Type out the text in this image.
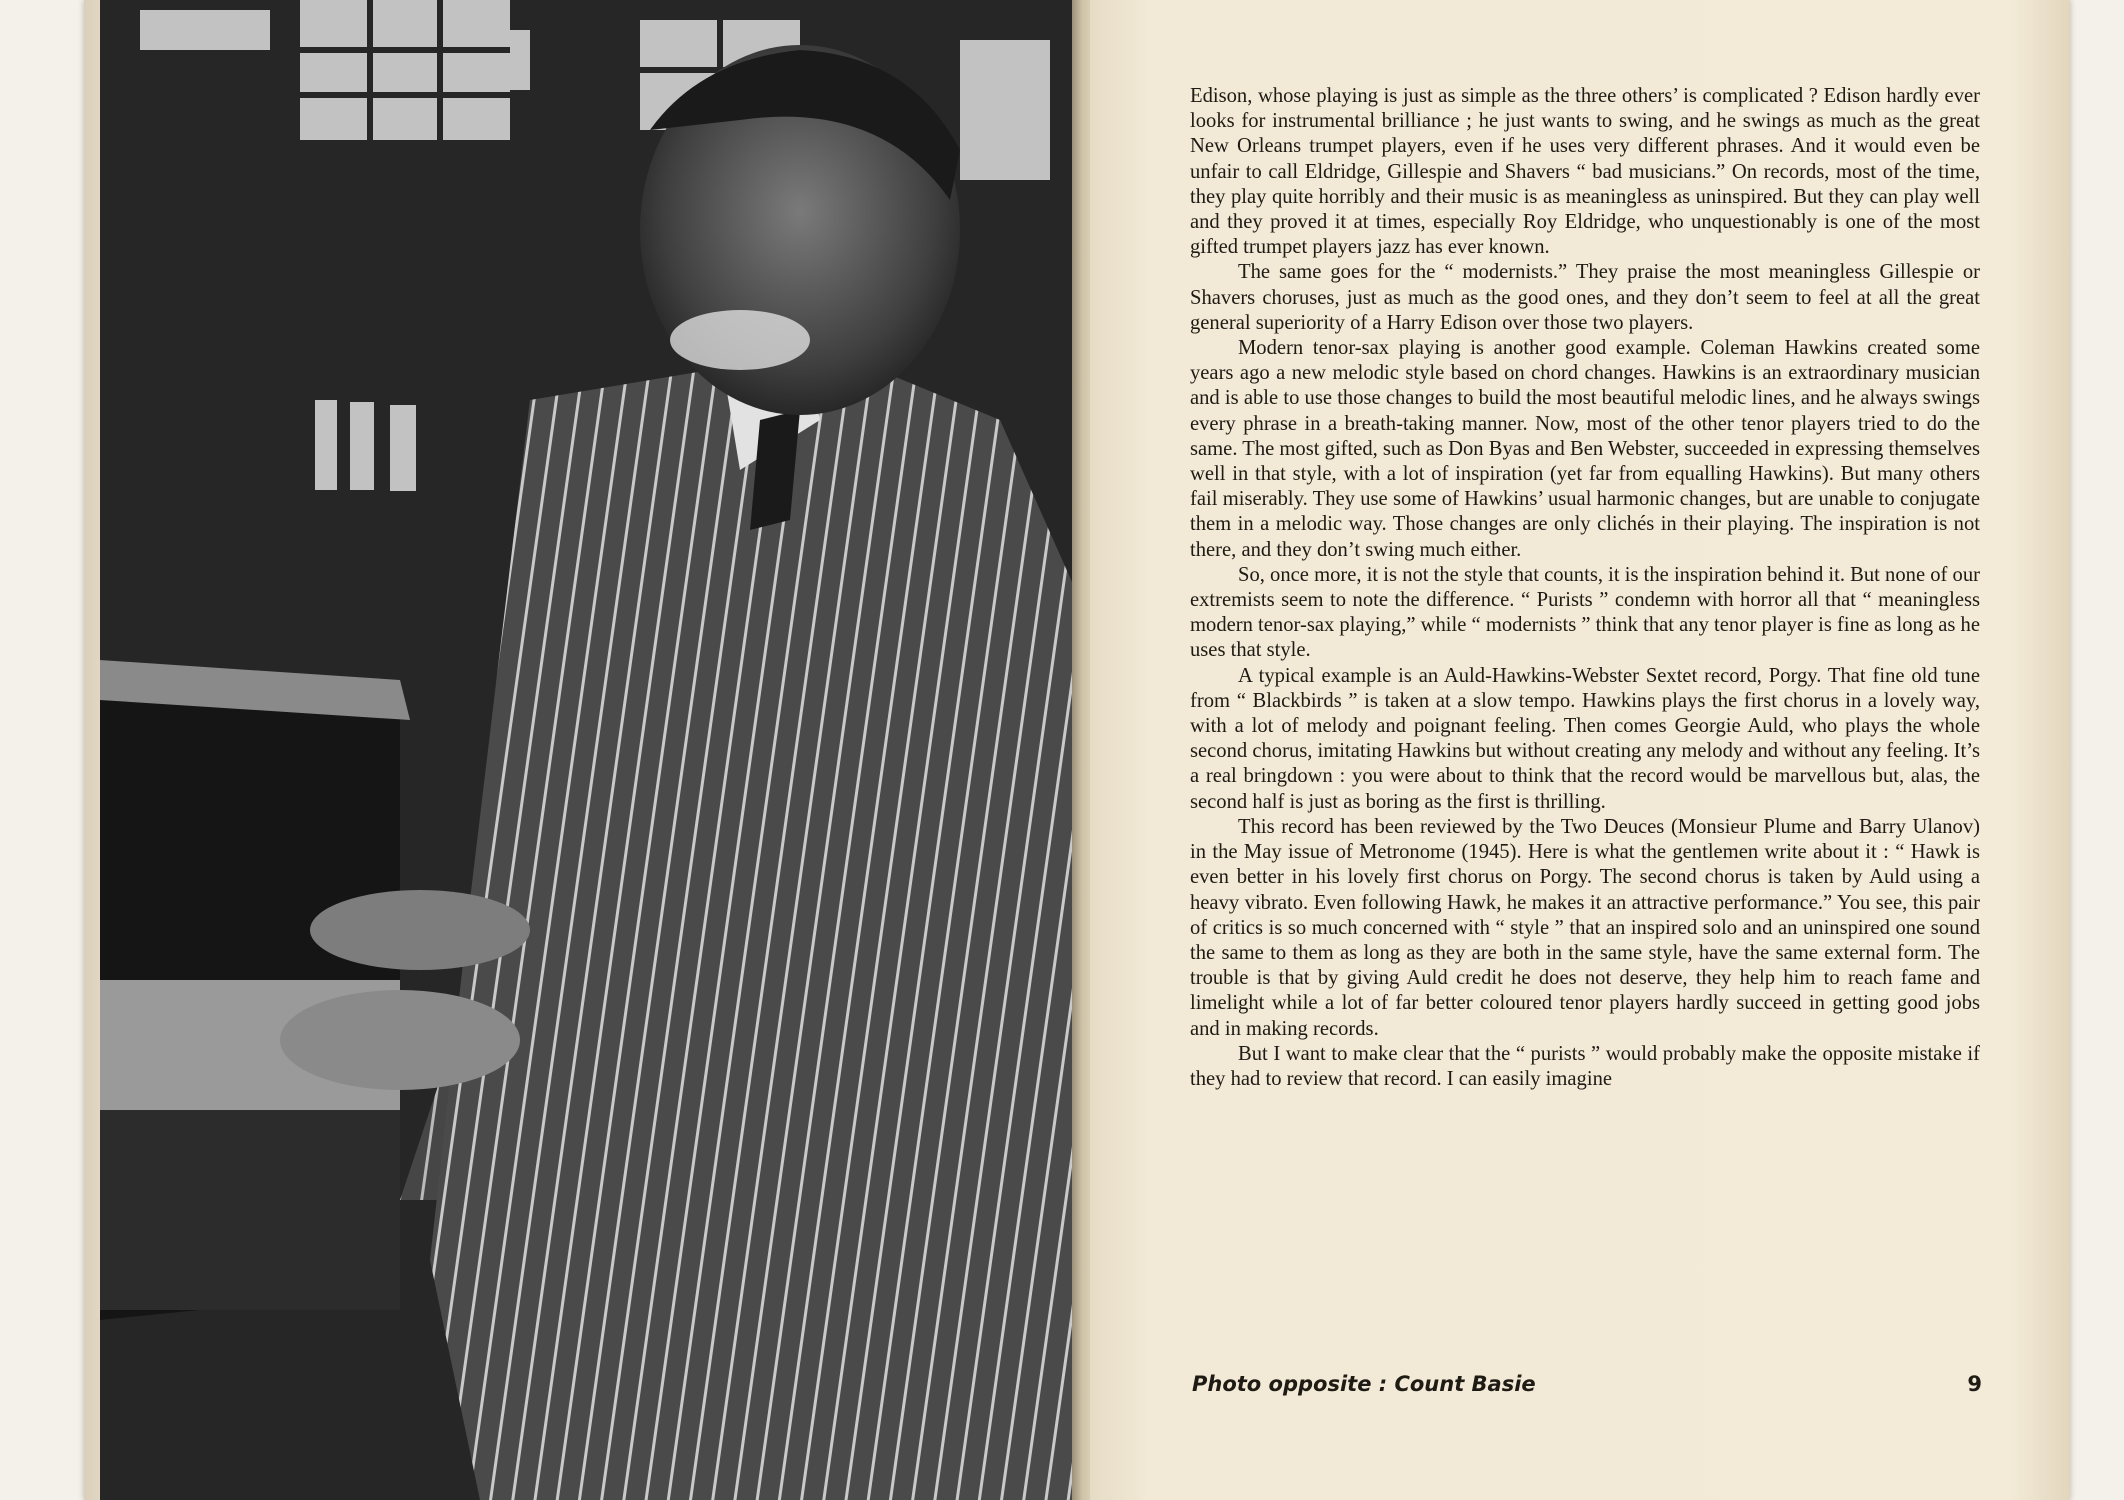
Edison, whose playing is just as simple as the three others’ is complicated ? Edison hardly ever looks for instrumental brilliance ; he just wants to swing, and he swings as much as the great New Orleans trumpet players, even if he uses very different phrases. And it would even be unfair to call Eldridge, Gillespie and Shavers “ bad musicians.” On records, most of the time, they play quite horribly and their music is as meaningless as uninspired. But they can play well and they proved it at times, especially Roy Eldridge, who unquestionably is one of the most gifted trumpet players jazz has ever known.

The same goes for the “ modernists.” They praise the most meaningless Gillespie or Shavers choruses, just as much as the good ones, and they don’t seem to feel at all the great general superiority of a Harry Edison over those two players.

Modern tenor-sax playing is another good example. Coleman Hawkins created some years ago a new melodic style based on chord changes. Hawkins is an extraordinary musician and is able to use those changes to build the most beautiful melodic lines, and he always swings every phrase in a breath-taking manner. Now, most of the other tenor players tried to do the same. The most gifted, such as Don Byas and Ben Webster, succeeded in expressing themselves well in that style, with a lot of inspiration (yet far from equalling Hawkins). But many others fail miserably. They use some of Hawkins’ usual harmonic changes, but are unable to conjugate them in a melodic way. Those changes are only clichés in their playing. The inspiration is not there, and they don’t swing much either.

So, once more, it is not the style that counts, it is the inspiration behind it. But none of our extremists seem to note the difference. “ Purists ” condemn with horror all that “ meaningless modern tenor-sax playing,” while “ modernists ” think that any tenor player is fine as long as he uses that style.

A typical example is an Auld-Hawkins-Webster Sextet record, Porgy. That fine old tune from “ Blackbirds ” is taken at a slow tempo. Hawkins plays the first chorus in a lovely way, with a lot of melody and poignant feeling. Then comes Georgie Auld, who plays the whole second chorus, imitating Hawkins but without creating any melody and without any feeling. It’s a real bringdown : you were about to think that the record would be marvellous but, alas, the second half is just as boring as the first is thrilling.

This record has been reviewed by the Two Deuces (Monsieur Plume and Barry Ulanov) in the May issue of Metronome (1945). Here is what the gentlemen write about it : “ Hawk is even better in his lovely first chorus on Porgy. The second chorus is taken by Auld using a heavy vibrato. Even following Hawk, he makes it an attractive performance.” You see, this pair of critics is so much concerned with “ style ” that an inspired solo and an uninspired one sound the same to them as long as they are both in the same style, have the same external form. The trouble is that by giving Auld credit he does not deserve, they help him to reach fame and limelight while a lot of far better coloured tenor players hardly succeed in getting good jobs and in making records.

But I want to make clear that the “ purists ” would probably make the opposite mistake if they had to review that record. I can easily imagine

Photo opposite : Count Basie	9
